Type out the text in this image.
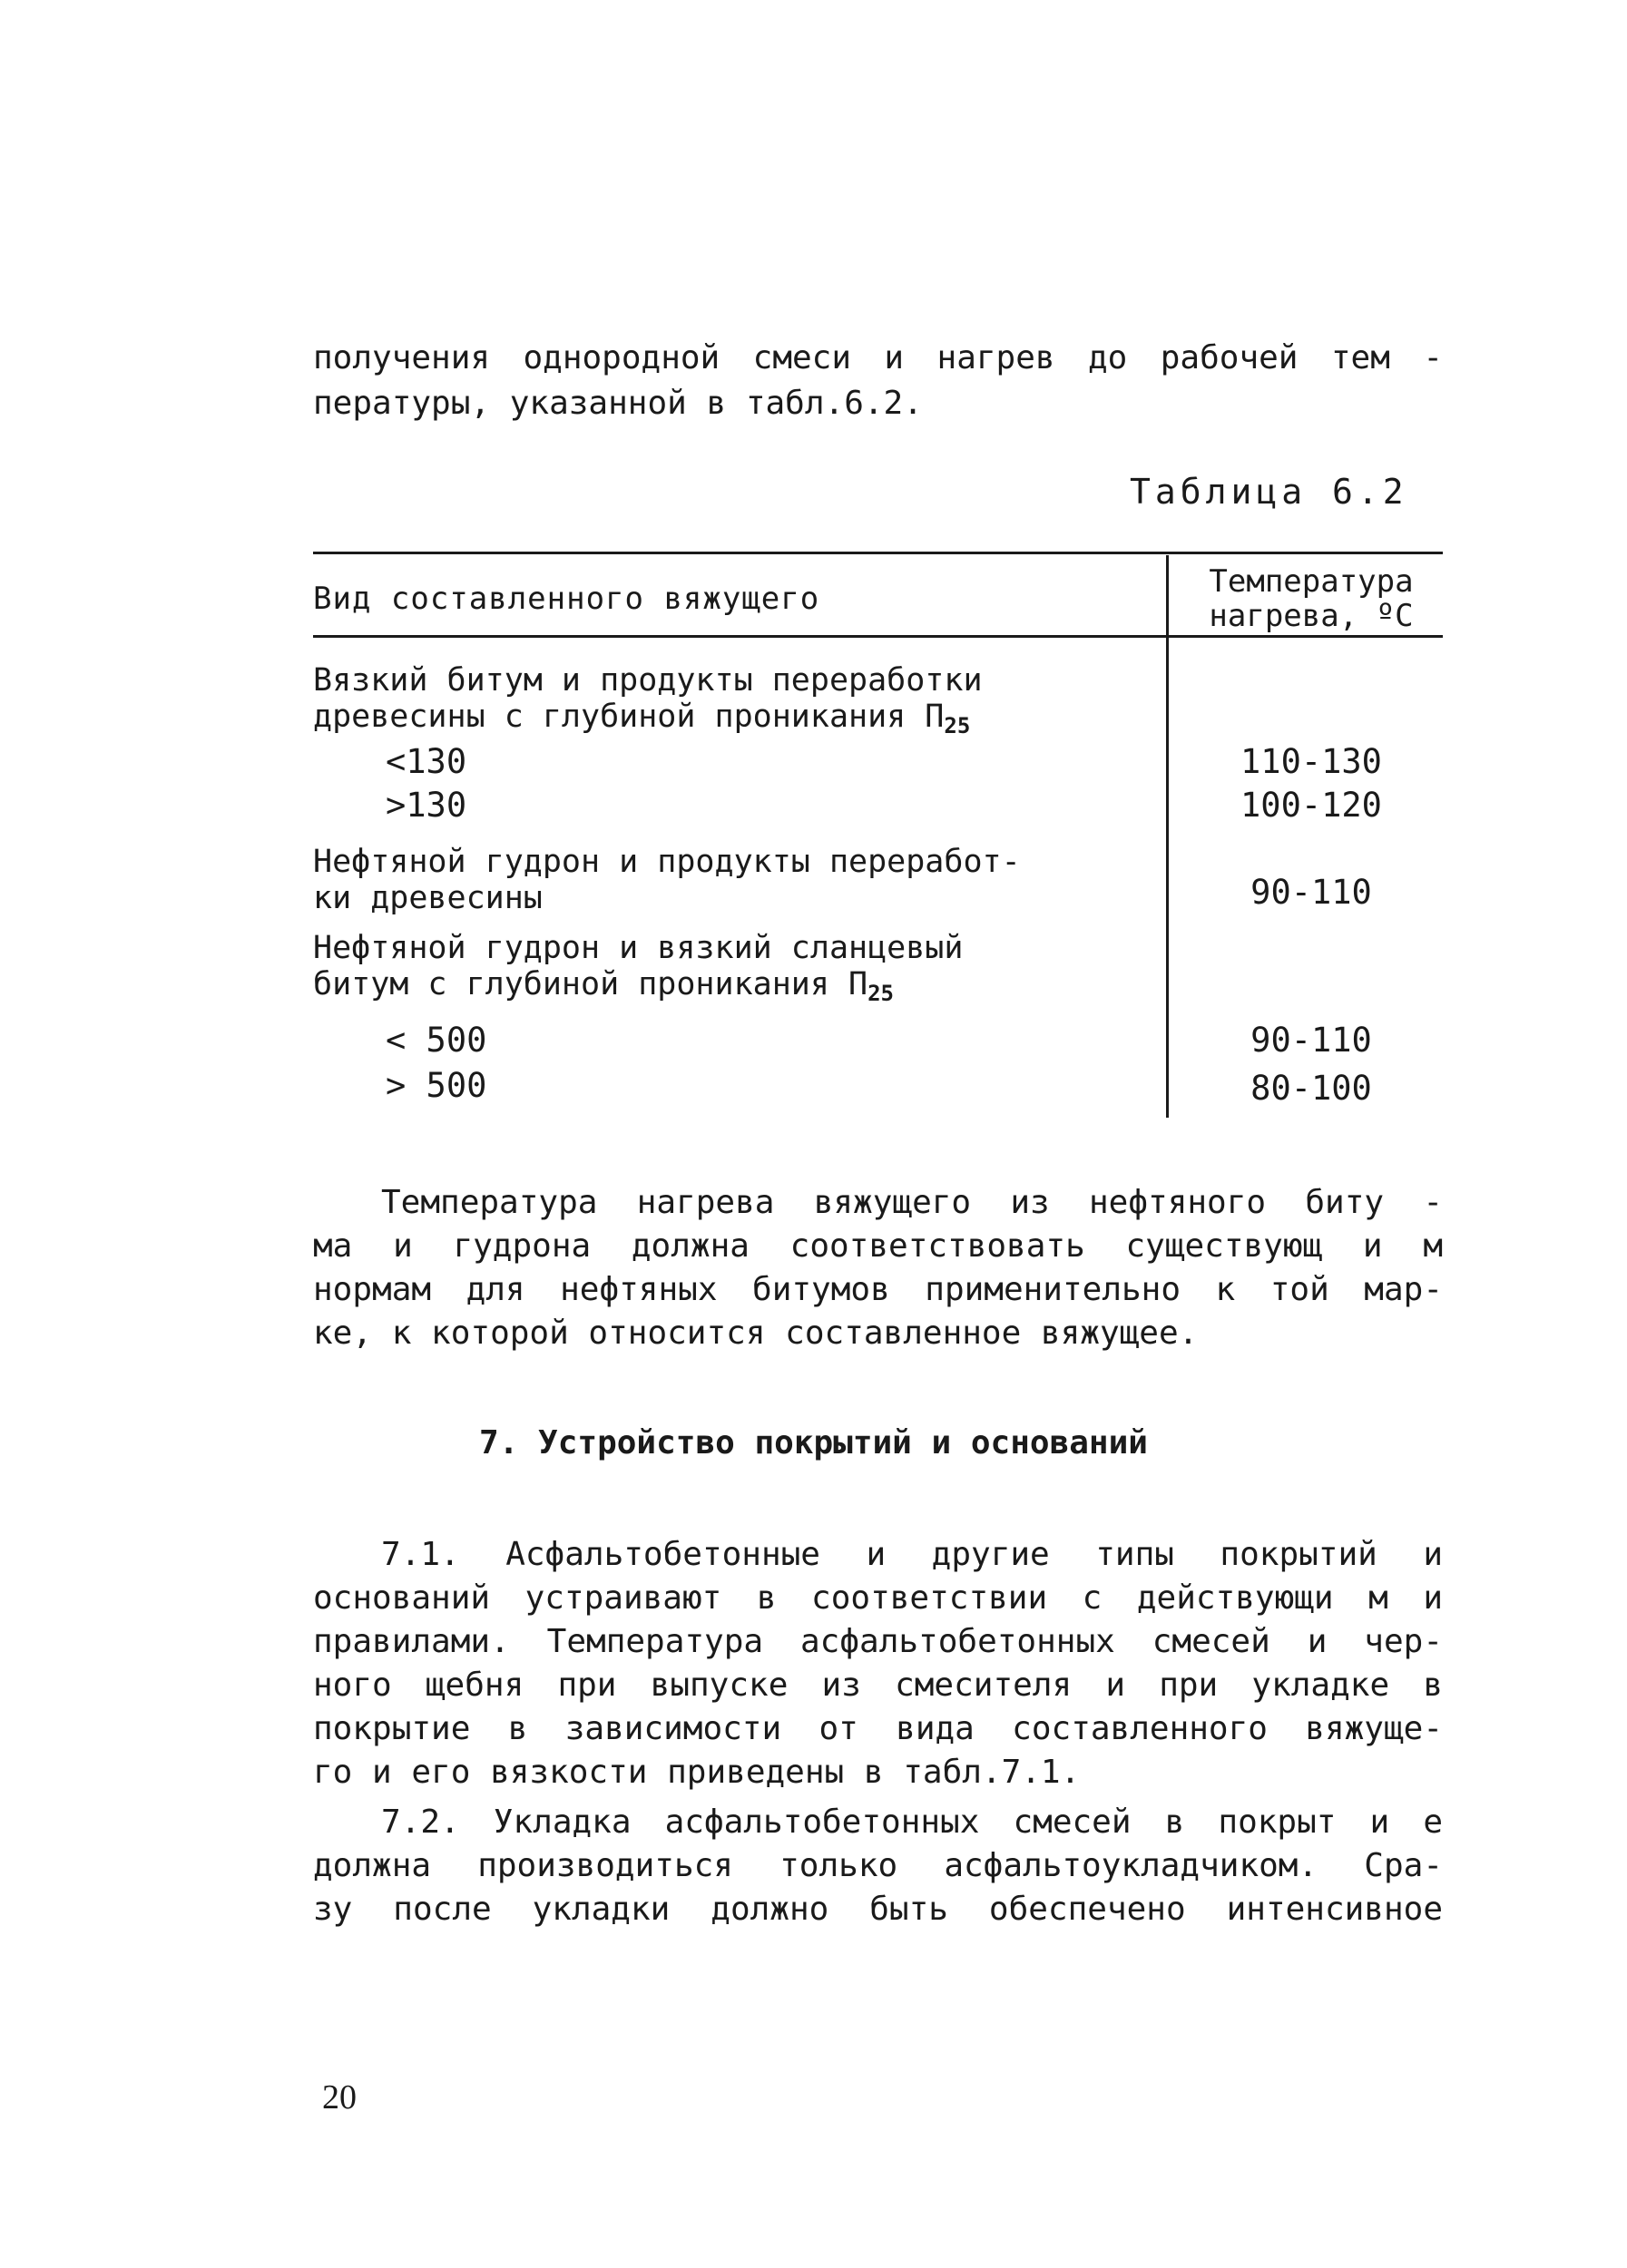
получения однородной смеси и нагрев до рабочей тем -
пературы, указанной в табл.6.2.
Таблица 6.2
Вид составленного вяжущего	Температура
нагрева, ºС
Вязкий битум и продукты переработки
древесины с глубиной проникания $П_{25}$
<130	110-130
>130	100-120
Нефтяной гудрон и продукты переработ-
ки древесины	90-110
Нефтяной гудрон и вязкий сланцевый
битум с глубиной проникания $П_{25}$
< 500	90-110
> 500	80-100
Температура нагрева вяжущего из нефтяного биту -
ма и гудрона должна соответствовать существующ и м
нормам для нефтяных битумов применительно к той мар-
ке, к которой относится составленное вяжущее.
7. Устройство покрытий и оснований
7.1. Асфальтобетонные и другие типы покрытий и
оснований устраивают в соответствии с действующи м и
правилами. Температура асфальтобетонных смесей и чер-
ного щебня при выпуске из смесителя и при укладке в
покрытие в зависимости от вида составленного вяжуще-
го и его вязкости приведены в табл.7.1.
7.2. Укладка асфальтобетонных смесей в покрыт и е
должна производиться только асфальтоукладчиком. Сра-
зу после укладки должно быть обеспечено интенсивное
20
